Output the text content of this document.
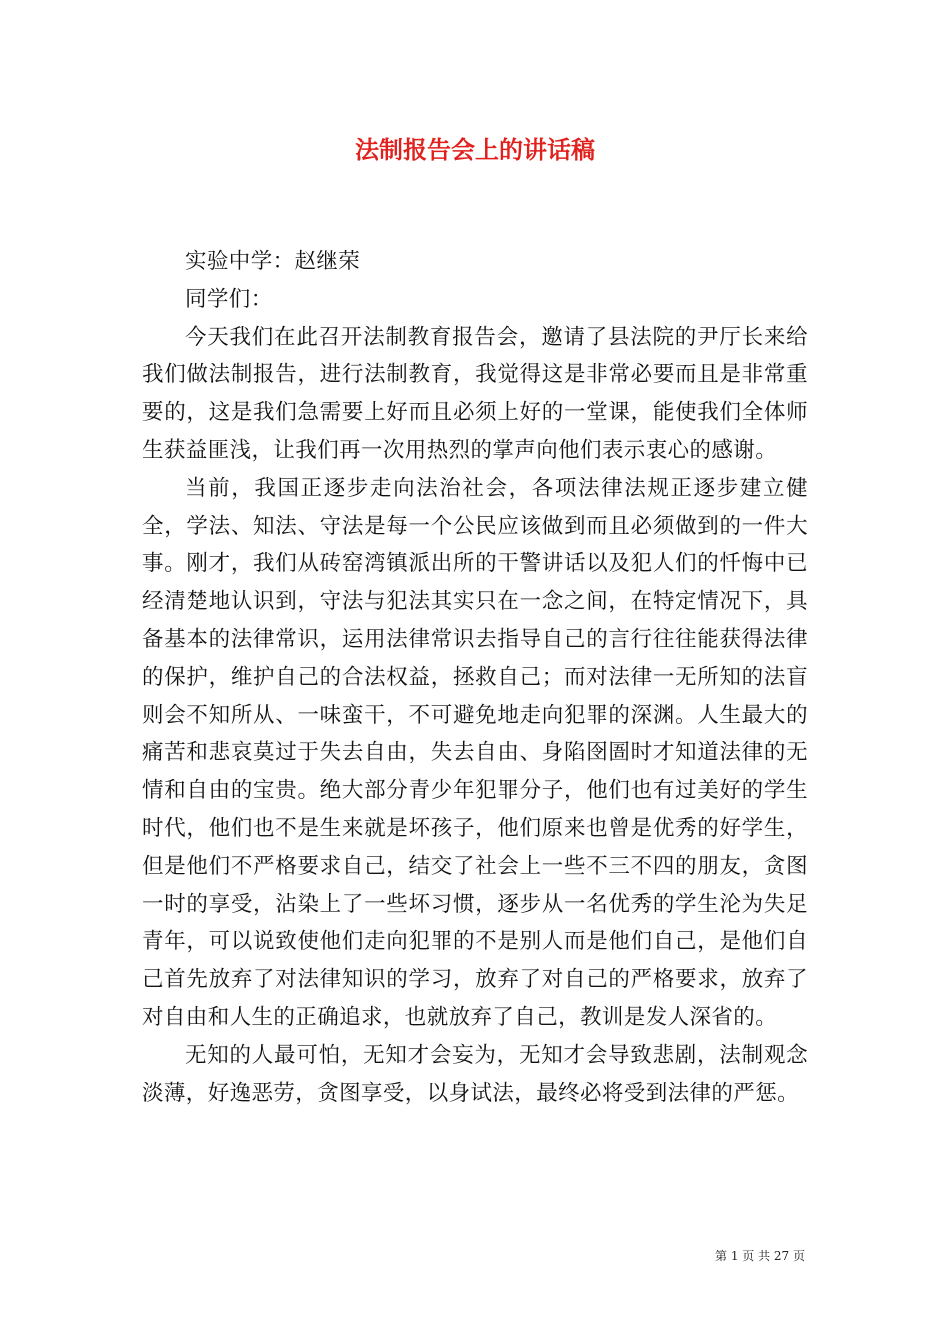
法制报告会上的讲话稿

实验中学：赵继荣

同学们：

今天我们在此召开法制教育报告会，邀请了县法院的尹厅长来给我们做法制报告，进行法制教育，我觉得这是非常必要而且是非常重要的，这是我们急需要上好而且必须上好的一堂课，能使我们全体师生获益匪浅，让我们再一次用热烈的掌声向他们表示衷心的感谢。

当前，我国正逐步走向法治社会，各项法律法规正逐步建立健全，学法、知法、守法是每一个公民应该做到而且必须做到的一件大事。刚才，我们从砖窑湾镇派出所的干警讲话以及犯人们的忏悔中已经清楚地认识到，守法与犯法其实只在一念之间，在特定情况下，具备基本的法律常识，运用法律常识去指导自己的言行往往能获得法律的保护，维护自己的合法权益，拯救自己；而对法律一无所知的法盲则会不知所从、一味蛮干，不可避免地走向犯罪的深渊。人生最大的痛苦和悲哀莫过于失去自由，失去自由、身陷囹圄时才知道法律的无情和自由的宝贵。绝大部分青少年犯罪分子，他们也有过美好的学生时代，他们也不是生来就是坏孩子，他们原来也曾是优秀的好学生，但是他们不严格要求自己，结交了社会上一些不三不四的朋友，贪图一时的享受，沾染上了一些坏习惯，逐步从一名优秀的学生沦为失足青年，可以说致使他们走向犯罪的不是别人而是他们自己，是他们自己首先放弃了对法律知识的学习，放弃了对自己的严格要求，放弃了对自由和人生的正确追求，也就放弃了自己，教训是发人深省的。

无知的人最可怕，无知才会妄为，无知才会导致悲剧，法制观念淡薄，好逸恶劳，贪图享受，以身试法，最终必将受到法律的严惩。

第 1 页 共 27 页
